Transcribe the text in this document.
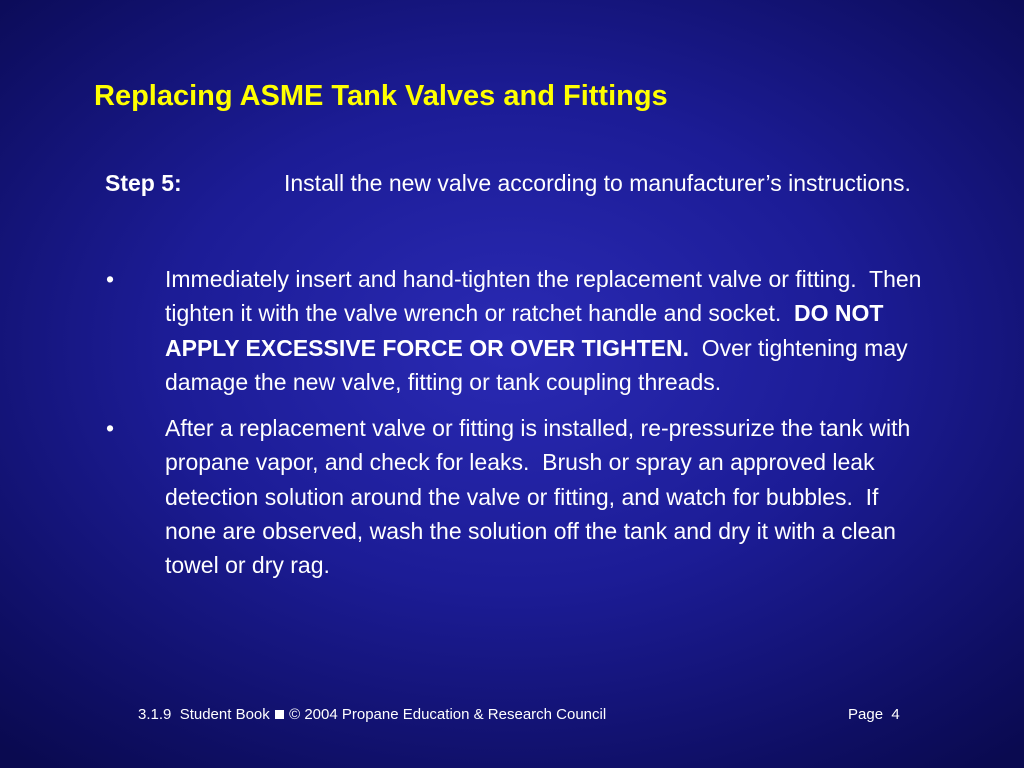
Replacing ASME Tank Valves and Fittings
Step 5:	Install the new valve according to manufacturer’s instructions.
• Immediately insert and hand-tighten the replacement valve or fitting.  Then tighten it with the valve wrench or ratchet handle and socket.  DO NOT APPLY EXCESSIVE FORCE OR OVER TIGHTEN.  Over tightening may damage the new valve, fitting or tank coupling threads.
• After a replacement valve or fitting is installed, re-pressurize the tank with propane vapor, and check for leaks.  Brush or spray an approved leak detection solution around the valve or fitting, and watch for bubbles.  If none are observed, wash the solution off the tank and dry it with a clean towel or dry rag.
3.1.9  Student Book © 2004 Propane Education & Research Council	Page 4
